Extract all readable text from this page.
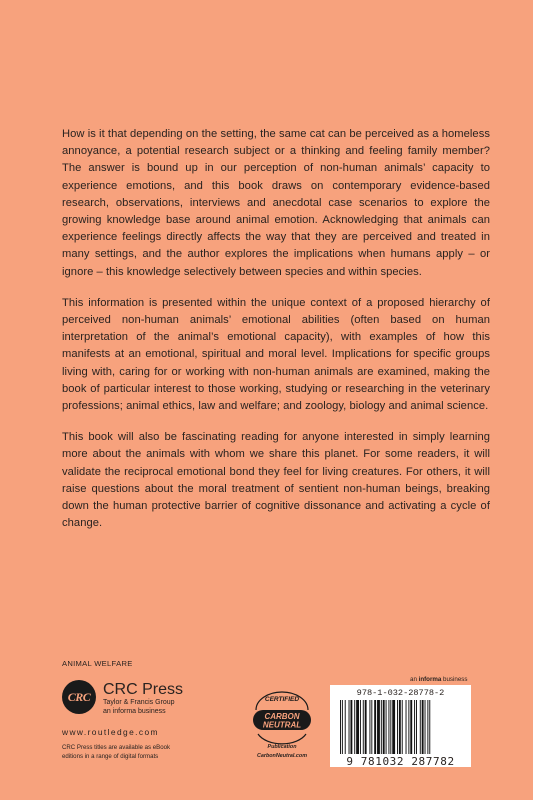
How is it that depending on the setting, the same cat can be perceived as a homeless annoyance, a potential research subject or a thinking and feeling family member? The answer is bound up in our perception of non-human animals’ capacity to experience emotions, and this book draws on contemporary evidence-based research, observations, interviews and anecdotal case scenarios to explore the growing knowledge base around animal emotion. Acknowledging that animals can experience feelings directly affects the way that they are perceived and treated in many settings, and the author explores the implications when humans apply – or ignore – this knowledge selectively between species and within species.

This information is presented within the unique context of a proposed hierarchy of perceived non-human animals’ emotional abilities (often based on human interpretation of the animal’s emotional capacity), with examples of how this manifests at an emotional, spiritual and moral level. Implications for specific groups living with, caring for or working with non-human animals are examined, making the book of particular interest to those working, studying or researching in the veterinary professions; animal ethics, law and welfare; and zoology, biology and animal science.

This book will also be fascinating reading for anyone interested in simply learning more about the animals with whom we share this planet. For some readers, it will validate the reciprocal emotional bond they feel for living creatures. For others, it will raise questions about the moral treatment of sentient non-human beings, breaking down the human protective barrier of cognitive dissonance and activating a cycle of change.

ANIMAL WELFARE
CRC CRC Press
Taylor & Francis Group
an informa business
www.routledge.com
CRC Press titles are available as eBook editions in a range of digital formats
an informa business
CERTIFIED
CARBON
NEUTRAL
Publication
CarbonNeutral.com
978-1-032-28778-2
9 781032 287782
